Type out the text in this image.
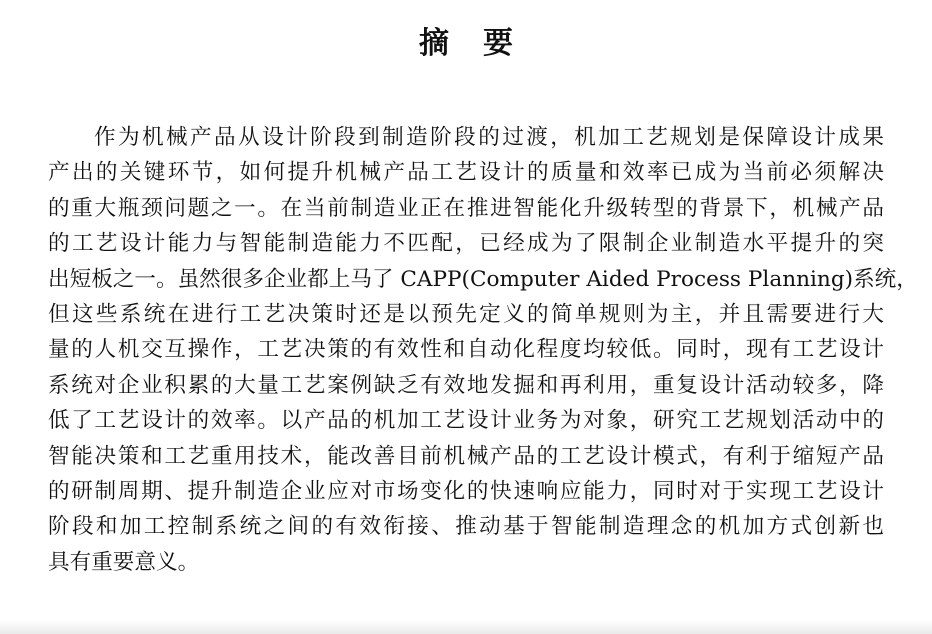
摘要
作为机械产品从设计阶段到制造阶段的过渡，机加工艺规划是保障设计成果
产出的关键环节，如何提升机械产品工艺设计的质量和效率已成为当前必须解决
的重大瓶颈问题之一。在当前制造业正在推进智能化升级转型的背景下，机械产品
的工艺设计能力与智能制造能力不匹配，已经成为了限制企业制造水平提升的突
出短板之一。虽然很多企业都上马了 CAPP(Computer Aided Process Planning)系统，
但这些系统在进行工艺决策时还是以预先定义的简单规则为主，并且需要进行大
量的人机交互操作，工艺决策的有效性和自动化程度均较低。同时，现有工艺设计
系统对企业积累的大量工艺案例缺乏有效地发掘和再利用，重复设计活动较多，降
低了工艺设计的效率。以产品的机加工艺设计业务为对象，研究工艺规划活动中的
智能决策和工艺重用技术，能改善目前机械产品的工艺设计模式，有利于缩短产品
的研制周期、提升制造企业应对市场变化的快速响应能力，同时对于实现工艺设计
阶段和加工控制系统之间的有效衔接、推动基于智能制造理念的机加方式创新也
具有重要意义。
